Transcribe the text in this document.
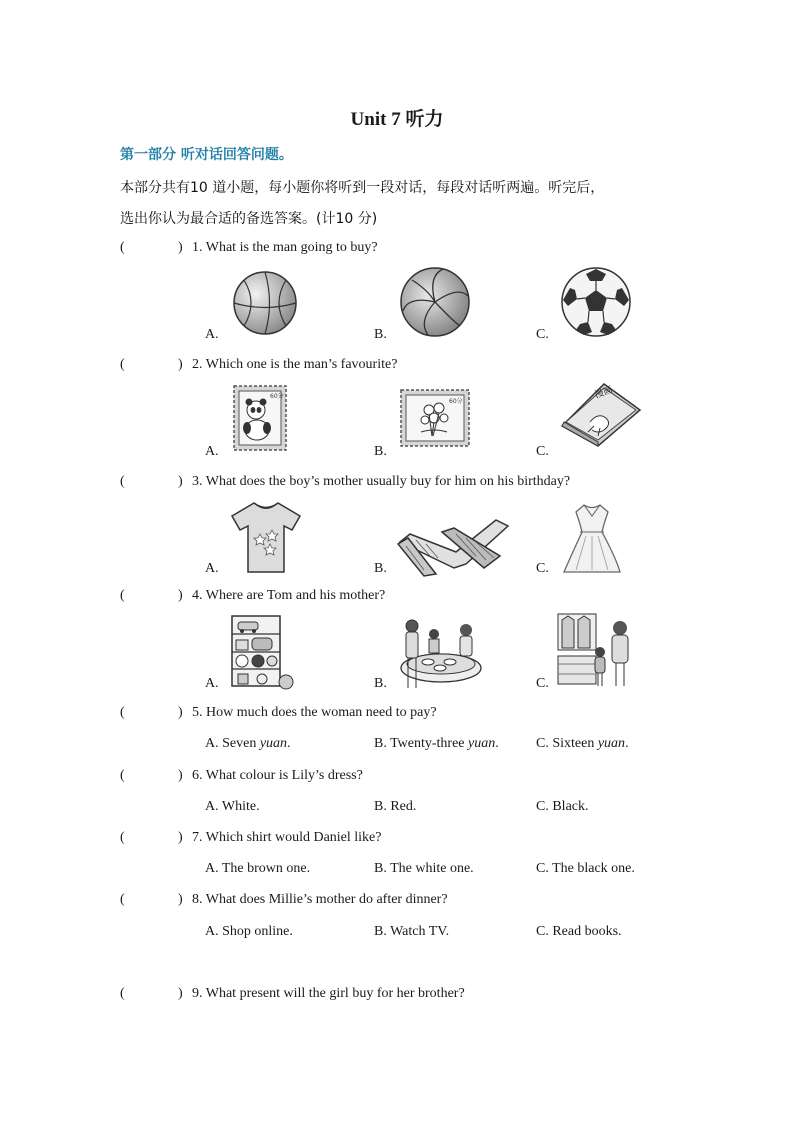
Unit 7 听力
第一部分 听对话回答问题。
本部分共有10 道小题，每小题你将听到一段对话，每段对话听两遍。听完后，
选出你认为最合适的备选答案。(计10 分)
(	) 1. What is the man going to buy?
A.	B.	C.
(	) 2. Which one is the man’s favourite?
A.	B.	C.
60分
60分
漫画
(	) 3. What does the boy’s mother usually buy for him on his birthday?
A.	B.	C.
(	) 4. Where are Tom and his mother?
A.	B.	C.
(	) 5. How much does the woman need to pay?
A. Seven yuan.	B. Twenty-three yuan.	C. Sixteen yuan.
(	) 6. What colour is Lily’s dress?
A. White.	B. Red.	C. Black.
(	) 7. Which shirt would Daniel like?
A. The brown one.	B. The white one.	C. The black one.
(	) 8. What does Millie’s mother do after dinner?
A. Shop online.	B. Watch TV.	C. Read books.
(	) 9. What present will the girl buy for her brother?
